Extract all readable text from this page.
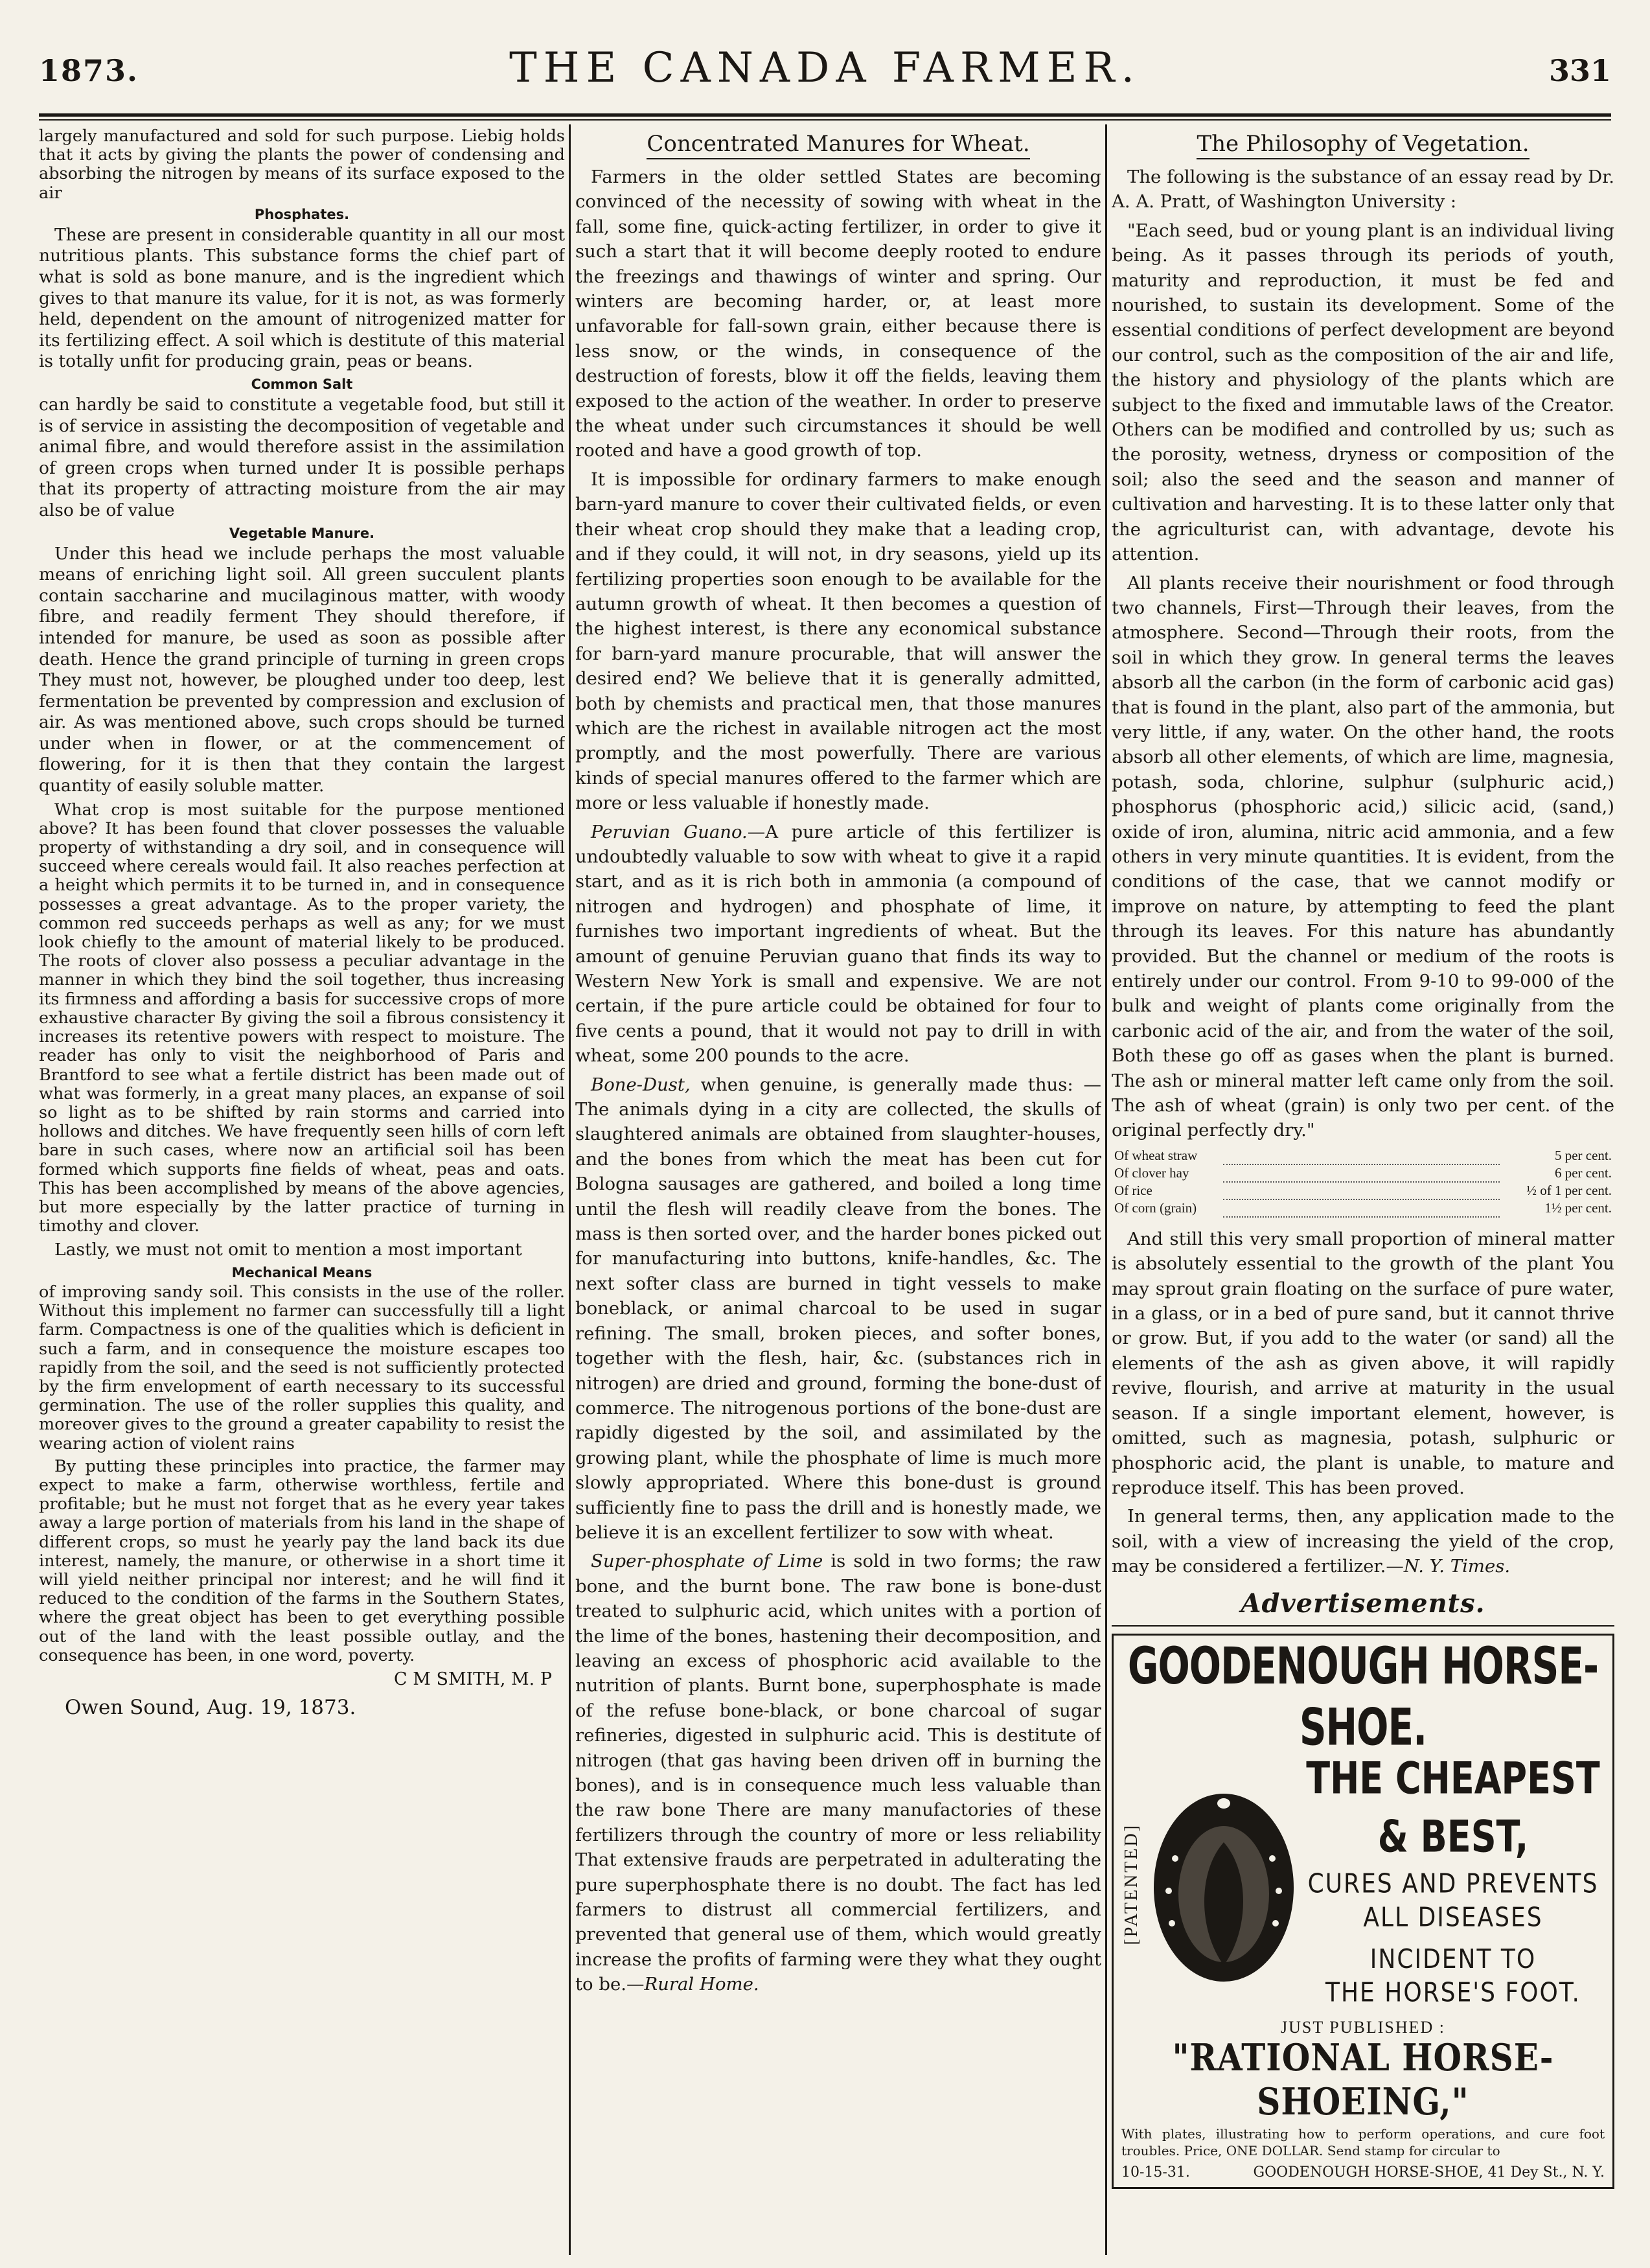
1873.	THE CANADA FARMER.	331

largely manufactured and sold for such purpose. Liebig holds that it acts by giving the plants the power of condensing and absorbing the nitrogen by means of its surface exposed to the air

Phosphates.

These are present in considerable quantity in all our most nutritious plants. This substance forms the chief part of what is sold as bone manure, and is the ingredient which gives to that manure its value, for it is not, as was formerly held, dependent on the amount of nitrogenized matter for its fertilizing effect. A soil which is destitute of this material is totally unfit for producing grain, peas or beans.

Common Salt

can hardly be said to constitute a vegetable food, but still it is of service in assisting the decomposition of vegetable and animal fibre, and would therefore assist in the assimilation of green crops when turned under It is possible perhaps that its property of attracting moisture from the air may also be of value

Vegetable Manure.

Under this head we include perhaps the most valuable means of enriching light soil. All green succulent plants contain saccharine and mucilaginous matter, with woody fibre, and readily ferment They should therefore, if intended for manure, be used as soon as possible after death. Hence the grand principle of turning in green crops They must not, however, be ploughed under too deep, lest fermentation be prevented by compression and exclusion of air. As was mentioned above, such crops should be turned under when in flower, or at the commencement of flowering, for it is then that they contain the largest quantity of easily soluble matter.

What crop is most suitable for the purpose mentioned above? It has been found that clover possesses the valuable property of withstanding a dry soil, and in consequence will succeed where cereals would fail. It also reaches perfection at a height which permits it to be turned in, and in consequence possesses a great advantage. As to the proper variety, the common red succeeds perhaps as well as any; for we must look chiefly to the amount of material likely to be produced. The roots of clover also possess a peculiar advantage in the manner in which they bind the soil together, thus increasing its firmness and affording a basis for successive crops of more exhaustive character By giving the soil a fibrous consistency it increases its retentive powers with respect to moisture. The reader has only to visit the neighborhood of Paris and Brantford to see what a fertile district has been made out of what was formerly, in a great many places, an expanse of soil so light as to be shifted by rain storms and carried into hollows and ditches. We have frequently seen hills of corn left bare in such cases, where now an artificial soil has been formed which supports fine fields of wheat, peas and oats. This has been accomplished by means of the above agencies, but more especially by the latter practice of turning in timothy and clover.

Lastly, we must not omit to mention a most important

Mechanical Means

of improving sandy soil. This consists in the use of the roller. Without this implement no farmer can successfully till a light farm. Compactness is one of the qualities which is deficient in such a farm, and in consequence the moisture escapes too rapidly from the soil, and the seed is not sufficiently protected by the firm envelopment of earth necessary to its successful germination. The use of the roller supplies this quality, and moreover gives to the ground a greater capability to resist the wearing action of violent rains

By putting these principles into practice, the farmer may expect to make a farm, otherwise worthless, fertile and profitable; but he must not forget that as he every year takes away a large portion of materials from his land in the shape of different crops, so must he yearly pay the land back its due interest, namely, the manure, or otherwise in a short time it will yield neither principal nor interest; and he will find it reduced to the condition of the farms in the Southern States, where the great object has been to get everything possible out of the land with the least possible outlay, and the consequence has been, in one word, poverty.

C M SMITH, M. P
Owen Sound, Aug. 19, 1873.
Concentrated Manures for Wheat.

Farmers in the older settled States are becoming convinced of the necessity of sowing with wheat in the fall, some fine, quick-acting fertilizer, in order to give it such a start that it will become deeply rooted to endure the freezings and thawings of winter and spring. Our winters are becoming harder, or, at least more unfavorable for fall-sown grain, either because there is less snow, or the winds, in consequence of the destruction of forests, blow it off the fields, leaving them exposed to the action of the weather. In order to preserve the wheat under such circumstances it should be well rooted and have a good growth of top.

It is impossible for ordinary farmers to make enough barn-yard manure to cover their cultivated fields, or even their wheat crop should they make that a leading crop, and if they could, it will not, in dry seasons, yield up its fertilizing properties soon enough to be available for the autumn growth of wheat. It then becomes a question of the highest interest, is there any economical substance for barn-yard manure procurable, that will answer the desired end? We believe that it is generally admitted, both by chemists and practical men, that those manures which are the richest in available nitrogen act the most promptly, and the most powerfully. There are various kinds of special manures offered to the farmer which are more or less valuable if honestly made.

Peruvian Guano.—A pure article of this fertilizer is undoubtedly valuable to sow with wheat to give it a rapid start, and as it is rich both in ammonia (a compound of nitrogen and hydrogen) and phosphate of lime, it furnishes two important ingredients of wheat. But the amount of genuine Peruvian guano that finds its way to Western New York is small and expensive. We are not certain, if the pure article could be obtained for four to five cents a pound, that it would not pay to drill in with wheat, some 200 pounds to the acre.

Bone-Dust, when genuine, is generally made thus: —The animals dying in a city are collected, the skulls of slaughtered animals are obtained from slaughter-houses, and the bones from which the meat has been cut for Bologna sausages are gathered, and boiled a long time until the flesh will readily cleave from the bones. The mass is then sorted over, and the harder bones picked out for manufacturing into buttons, knife-handles, &c. The next softer class are burned in tight vessels to make boneblack, or animal charcoal to be used in sugar refining. The small, broken pieces, and softer bones, together with the flesh, hair, &c. (substances rich in nitrogen) are dried and ground, forming the bone-dust of commerce. The nitrogenous portions of the bone-dust are rapidly digested by the soil, and assimilated by the growing plant, while the phosphate of lime is much more slowly appropriated. Where this bone-dust is ground sufficiently fine to pass the drill and is honestly made, we believe it is an excellent fertilizer to sow with wheat.

Super-phosphate of Lime is sold in two forms; the raw bone, and the burnt bone. The raw bone is bone-dust treated to sulphuric acid, which unites with a portion of the lime of the bones, hastening their decomposition, and leaving an excess of phosphoric acid available to the nutrition of plants. Burnt bone, superphosphate is made of the refuse bone-black, or bone charcoal of sugar refineries, digested in sulphuric acid. This is destitute of nitrogen (that gas having been driven off in burning the bones), and is in consequence much less valuable than the raw bone There are many manufactories of these fertilizers through the country of more or less reliability That extensive frauds are perpetrated in adulterating the pure superphosphate there is no doubt. The fact has led farmers to distrust all commercial fertilizers, and prevented that general use of them, which would greatly increase the profits of farming were they what they ought to be.—Rural Home.

The Philosophy of Vegetation.

The following is the substance of an essay read by Dr. A. A. Pratt, of Washington University :

"Each seed, bud or young plant is an individual living being. As it passes through its periods of youth, maturity and reproduction, it must be fed and nourished, to sustain its development. Some of the essential conditions of perfect development are beyond our control, such as the composition of the air and life, the history and physiology of the plants which are subject to the fixed and immutable laws of the Creator. Others can be modified and controlled by us; such as the porosity, wetness, dryness or composition of the soil; also the seed and the season and manner of cultivation and harvesting. It is to these latter only that the agriculturist can, with advantage, devote his attention.

All plants receive their nourishment or food through two channels, First—Through their leaves, from the atmosphere. Second—Through their roots, from the soil in which they grow. In general terms the leaves absorb all the carbon (in the form of carbonic acid gas) that is found in the plant, also part of the ammonia, but very little, if any, water. On the other hand, the roots absorb all other elements, of which are lime, magnesia, potash, soda, chlorine, sulphur (sulphuric acid,) phosphorus (phosphoric acid,) silicic acid, (sand,) oxide of iron, alumina, nitric acid ammonia, and a few others in very minute quantities. It is evident, from the conditions of the case, that we cannot modify or improve on nature, by attempting to feed the plant through its leaves. For this nature has abundantly provided. But the channel or medium of the roots is entirely under our control. From 9-10 to 99-000 of the bulk and weight of plants come originally from the carbonic acid of the air, and from the water of the soil, Both these go off as gases when the plant is burned. The ash or mineral matter left came only from the soil. The ash of wheat (grain) is only two per cent. of the original perfectly dry."

Of wheat straw		5 per cent.
Of clover hay		6 per cent.
Of rice		½ of 1 per cent.
Of corn (grain)		1½ per cent.

And still this very small proportion of mineral matter is absolutely essential to the growth of the plant You may sprout grain floating on the surface of pure water, in a glass, or in a bed of pure sand, but it cannot thrive or grow. But, if you add to the water (or sand) all the elements of the ash as given above, it will rapidly revive, flourish, and arrive at maturity in the usual season. If a single important element, however, is omitted, such as magnesia, potash, sulphuric or phosphoric acid, the plant is unable, to mature and reproduce itself. This has been proved.

In general terms, then, any application made to the soil, with a view of increasing the yield of the crop, may be considered a fertilizer.—N. Y. Times.

Advertisements.
GOODENOUGH HORSE-SHOE.
[PATENTED]
THE CHEAPEST & BEST,
CURES AND PREVENTS
ALL DISEASES INCIDENT TO
THE HORSE'S FOOT.
JUST PUBLISHED :
"RATIONAL HORSE-SHOEING,"
With plates, illustrating how to perform operations, and cure foot troubles. Price, ONE DOLLAR. Send stamp for circular to
10-15-31.	GOODENOUGH HORSE-SHOE, 41 Dey St., N. Y.
